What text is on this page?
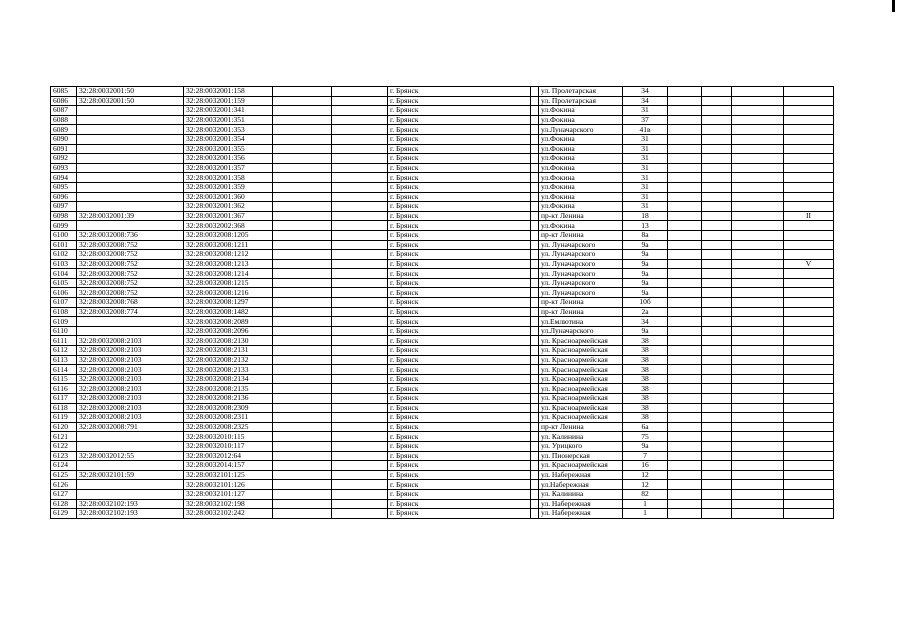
6085	32:28:0032001:50	32:28:0032001:158			г. Брянск		ул. Пролетарская	34				
6086	32:28:0032001:50	32:28:0032001:159			г. Брянск		ул. Пролетарская	34				
6087		32:28:0032001:341			г. Брянск		ул.Фокина	31				
6088		32:28:0032001:351			г. Брянск		ул.Фокина	37				
6089		32:28:0032001:353			г. Брянск		ул.Луначарского	41в				
6090		32:28:0032001:354			г. Брянск		ул.Фокина	31				
6091		32:28:0032001:355			г. Брянск		ул.Фокина	31				
6092		32:28:0032001:356			г. Брянск		ул.Фокина	31				
6093		32:28:0032001:357			г. Брянск		ул.Фокина	31				
6094		32:28:0032001:358			г. Брянск		ул.Фокина	31				
6095		32:28:0032001:359			г. Брянск		ул.Фокина	31				
6096		32:28:0032001:360			г. Брянск		ул.Фокина	31				
6097		32:28:0032001:362			г. Брянск		ул.Фокина	31				
6098	32:28:0032001:39	32:28:0032001:367			г. Брянск		пр-кт Ленина	18				II
6099		32:28:0032002:368			г. Брянск		ул.Фокина	13				
6100	32:28:0032008:736	32:28:0032008:1205			г. Брянск		пр-кт Ленина	8а				
6101	32:28:0032008:752	32:28:0032008:1211			г. Брянск		ул. Луначарского	9а				
6102	32:28:0032008:752	32:28:0032008:1212			г. Брянск		ул. Луначарского	9а				
6103	32:28:0032008:752	32:28:0032008:1213			г. Брянск		ул. Луначарского	9а				V
6104	32:28:0032008:752	32:28:0032008:1214			г. Брянск		ул. Луначарского	9а				
6105	32:28:0032008:752	32:28:0032008:1215			г. Брянск		ул. Луначарского	9а				
6106	32:28:0032008:752	32:28:0032008:1216			г. Брянск		ул. Луначарского	9а				
6107	32:28:0032008:768	32:28:0032008:1297			г. Брянск		пр-кт Ленина	10б				
6108	32:28:0032008:774	32:28:0032008:1482			г. Брянск		пр-кт Ленина	2а				
6109		32:28:0032008:2089			г. Брянск		ул.Емлютина	34				
6110		32:28:0032008:2096			г. Брянск		ул.Луначарского	9а				
6111	32:28:0032008:2103	32:28:0032008:2130			г. Брянск		ул. Красноармейская	38				
6112	32:28:0032008:2103	32:28:0032008:2131			г. Брянск		ул. Красноармейская	38				
6113	32:28:0032008:2103	32:28:0032008:2132			г. Брянск		ул. Красноармейская	38				
6114	32:28:0032008:2103	32:28:0032008:2133			г. Брянск		ул. Красноармейская	38				
6115	32:28:0032008:2103	32:28:0032008:2134			г. Брянск		ул. Красноармейская	38				
6116	32:28:0032008:2103	32:28:0032008:2135			г. Брянск		ул. Красноармейская	38				
6117	32:28:0032008:2103	32:28:0032008:2136			г. Брянск		ул. Красноармейская	38				
6118	32:28:0032008:2103	32:28:0032008:2309			г. Брянск		ул. Красноармейская	38				
6119	32:28:0032008:2103	32:28:0032008:2311			г. Брянск		ул. Красноармейская	38				
6120	32:28:0032008:791	32:28:0032008:2325			г. Брянск		пр-кт Ленина	6а				
6121		32:28:0032010:115			г. Брянск		ул. Калинина	75				
6122		32:28:0032010:117			г. Брянск		ул. Урицкого	9а				
6123	32:28:0032012:55	32:28:0032012:64			г. Брянск		ул. Пионерская	7				
6124		32:28:0032014:157			г. Брянск		ул. Красноармейская	16				
6125	32:28:0032101:59	32:28:0032101:125			г. Брянск		ул. Набережная	12				
6126		32:28:0032101:126			г. Брянск		ул.Набережная	12				
6127		32:28:0032101:127			г. Брянск		ул. Калинина	82				
6128	32:28:0032102:193	32:28:0032102:198			г. Брянск		ул. Набережная	1				
6129	32:28:0032102:193	32:28:0032102:242			г. Брянск		ул. Набережная	1				
